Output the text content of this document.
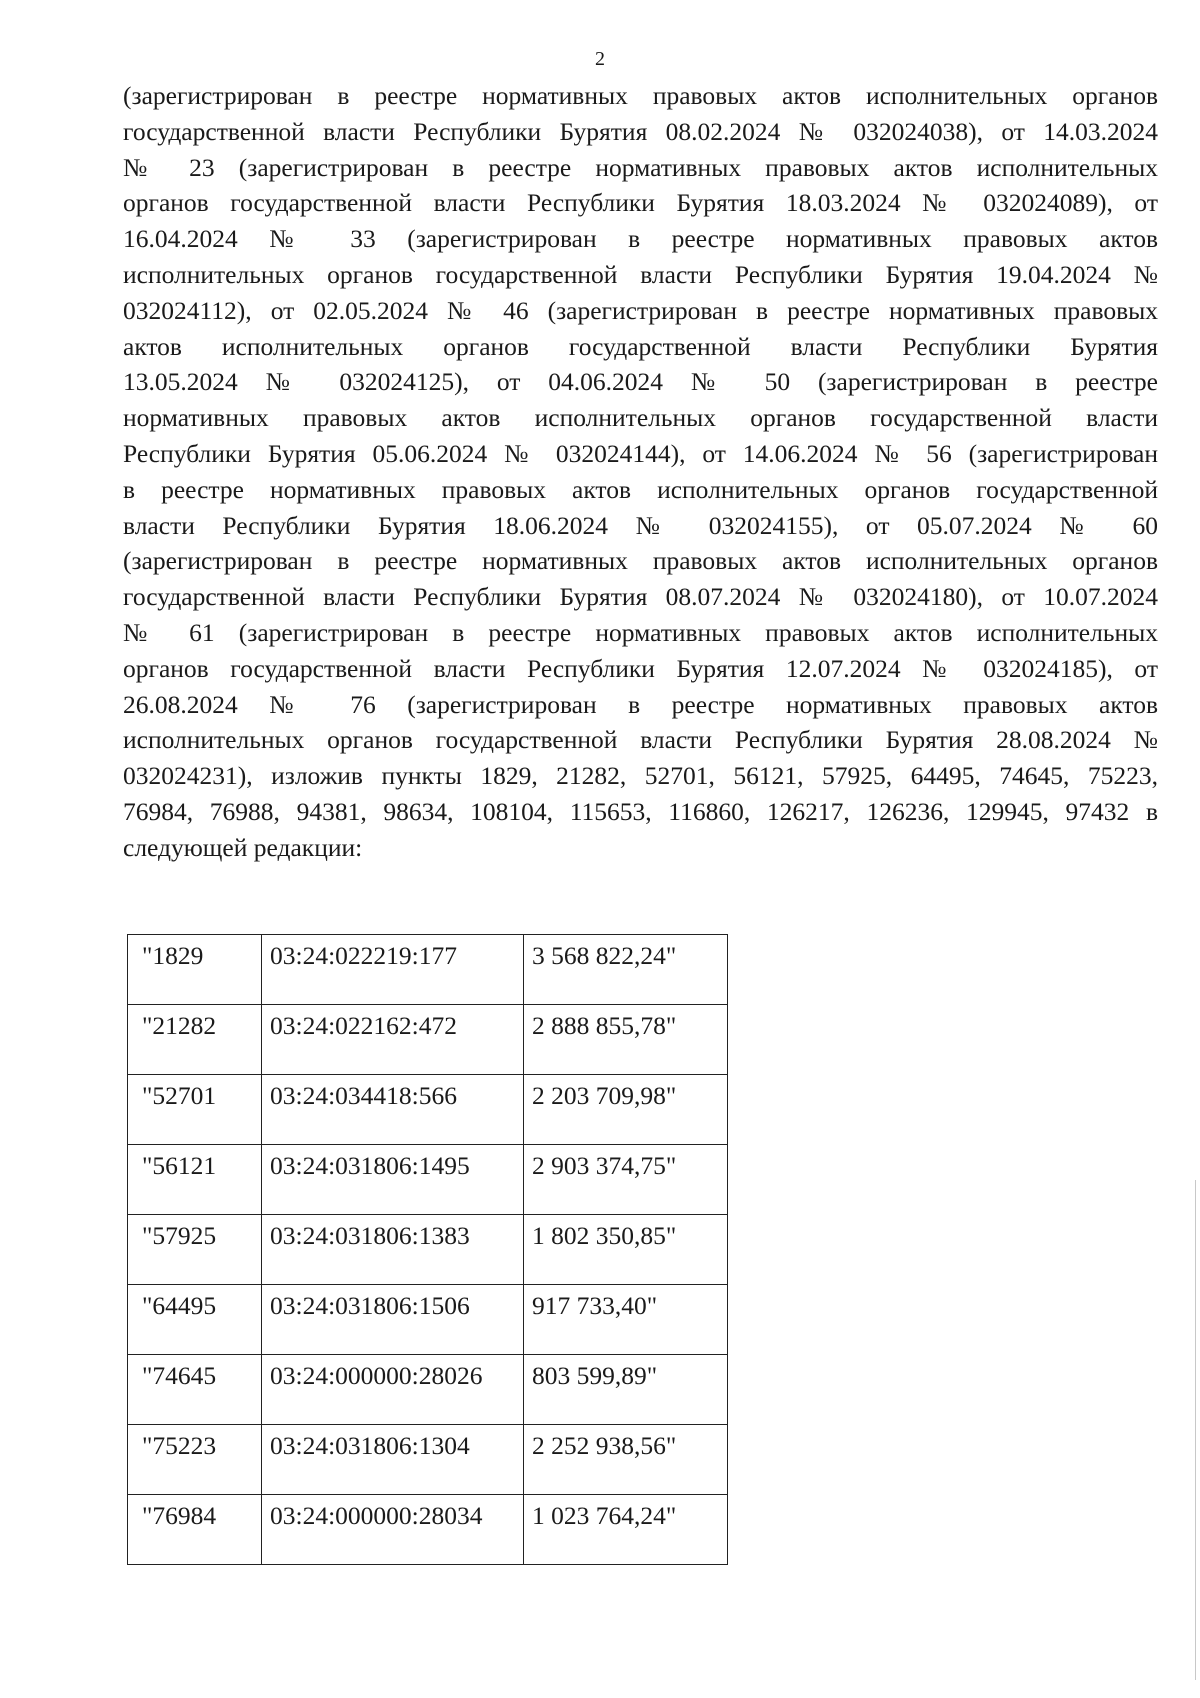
2
(зарегистрирован в реестре нормативных правовых актов исполнительных органов
государственной власти Республики Бурятия 08.02.2024 № 032024038), от 14.03.2024
№ 23 (зарегистрирован в реестре нормативных правовых актов исполнительных
органов государственной власти Республики Бурятия 18.03.2024 № 032024089), от
16.04.2024 № 33 (зарегистрирован в реестре нормативных правовых актов
исполнительных органов государственной власти Республики Бурятия 19.04.2024 №
032024112), от 02.05.2024 № 46 (зарегистрирован в реестре нормативных правовых
актов исполнительных органов государственной власти Республики Бурятия
13.05.2024 № 032024125), от 04.06.2024 № 50 (зарегистрирован в реестре
нормативных правовых актов исполнительных органов государственной власти
Республики Бурятия 05.06.2024 № 032024144), от 14.06.2024 № 56 (зарегистрирован
в реестре нормативных правовых актов исполнительных органов государственной
власти Республики Бурятия 18.06.2024 № 032024155), от 05.07.2024 № 60
(зарегистрирован в реестре нормативных правовых актов исполнительных органов
государственной власти Республики Бурятия 08.07.2024 № 032024180), от 10.07.2024
№ 61 (зарегистрирован в реестре нормативных правовых актов исполнительных
органов государственной власти Республики Бурятия 12.07.2024 № 032024185), от
26.08.2024 № 76 (зарегистрирован в реестре нормативных правовых актов
исполнительных органов государственной власти Республики Бурятия 28.08.2024 №
032024231), изложив пункты 1829, 21282, 52701, 56121, 57925, 64495, 74645, 75223,
76984, 76988, 94381, 98634, 108104, 115653, 116860, 126217, 126236, 129945, 97432 в
следующей редакции:
"1829	03:24:022219:177	3 568 822,24"
"21282	03:24:022162:472	2 888 855,78"
"52701	03:24:034418:566	2 203 709,98"
"56121	03:24:031806:1495	2 903 374,75"
"57925	03:24:031806:1383	1 802 350,85"
"64495	03:24:031806:1506	917 733,40"
"74645	03:24:000000:28026	803 599,89"
"75223	03:24:031806:1304	2 252 938,56"
"76984	03:24:000000:28034	1 023 764,24"
